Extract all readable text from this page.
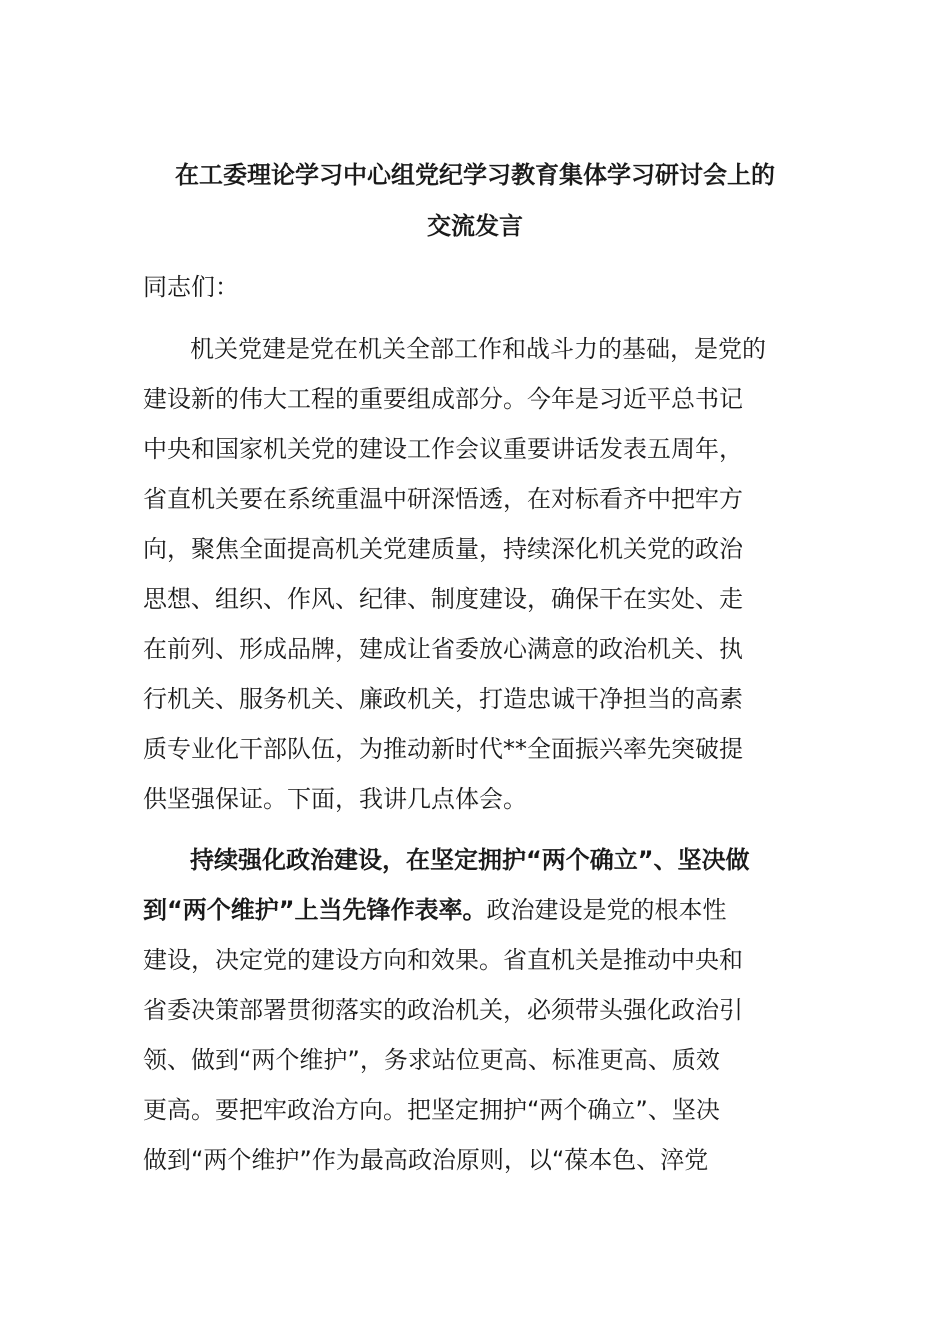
在工委理论学习中心组党纪学习教育集体学习研讨会上的
交流发言
同志们：
机关党建是党在机关全部工作和战斗力的基础，是党的
建设新的伟大工程的重要组成部分。今年是习近平总书记
中央和国家机关党的建设工作会议重要讲话发表五周年，
省直机关要在系统重温中研深悟透，在对标看齐中把牢方
向，聚焦全面提高机关党建质量，持续深化机关党的政治
思想、组织、作风、纪律、制度建设，确保干在实处、走
在前列、形成品牌，建成让省委放心满意的政治机关、执
行机关、服务机关、廉政机关，打造忠诚干净担当的高素
质专业化干部队伍，为推动新时代**全面振兴率先突破提
供坚强保证。下面，我讲几点体会。
持续强化政治建设，在坚定拥护“两个确立”、坚决做
到“两个维护”上当先锋作表率。政治建设是党的根本性
建设，决定党的建设方向和效果。省直机关是推动中央和
省委决策部署贯彻落实的政治机关，必须带头强化政治引
领、做到“两个维护”，务求站位更高、标准更高、质效
更高。要把牢政治方向。把坚定拥护“两个确立”、坚决
做到“两个维护”作为最高政治原则，以“葆本色、淬党
